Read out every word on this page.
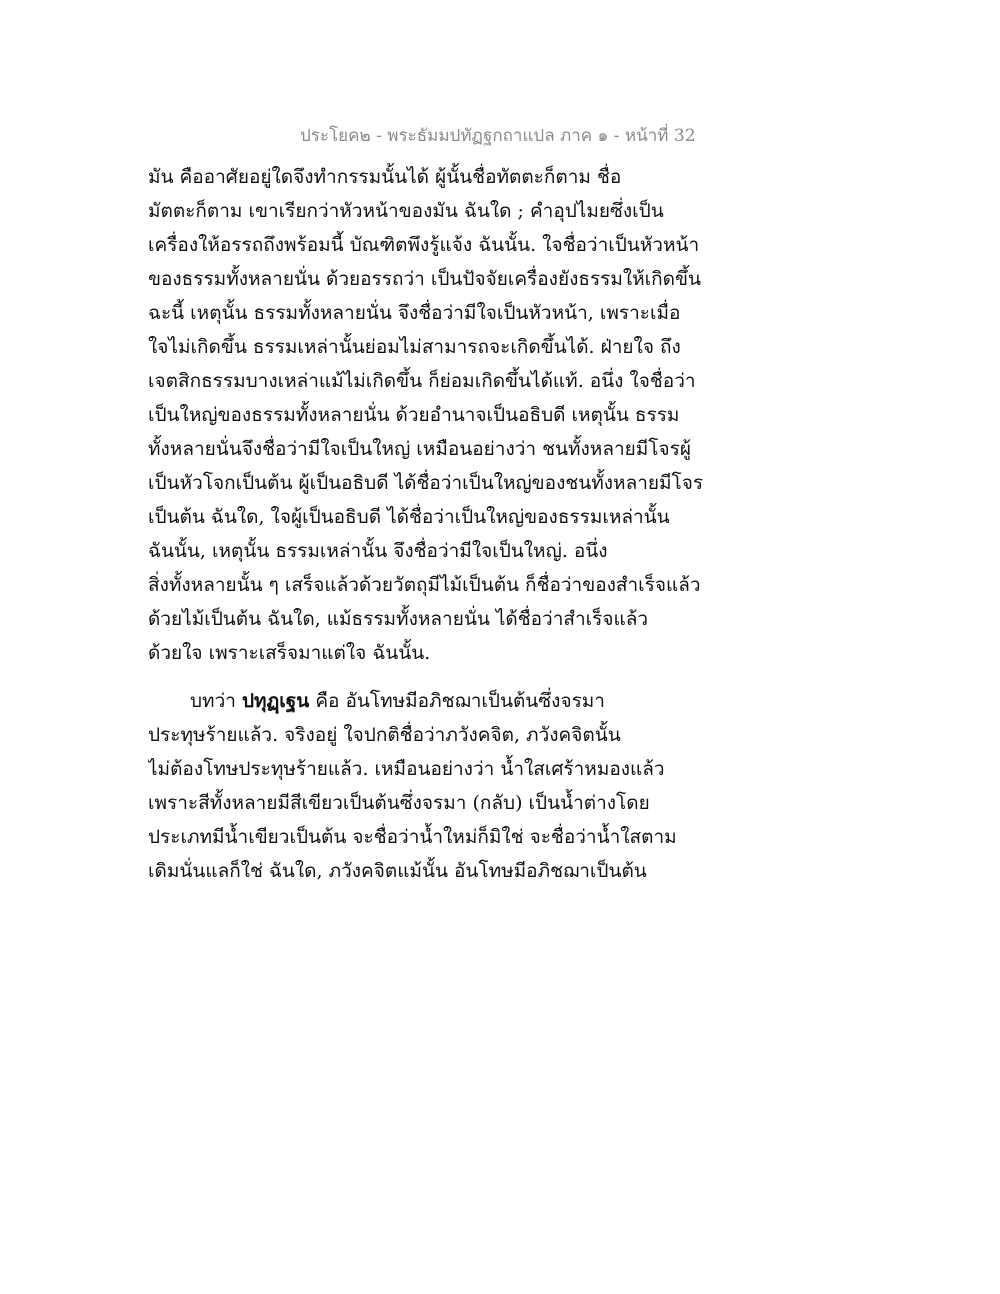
ประโยค๒ - พระธัมมปทัฏฐกถาแปล ภาค ๑ - หน้าที่ 32
มัน คืออาศัยอยู่ใดจึงทำกรรมนั้นได้ ผู้นั้นชื่อทัตตะก็ตาม ชื่อ
มัตตะก็ตาม เขาเรียกว่าหัวหน้าของมัน ฉันใด ; คำอุปไมยซึ่งเป็น
เครื่องให้อรรถถึงพร้อมนี้ บัณฑิตพึงรู้แจ้ง ฉันนั้น. ใจชื่อว่าเป็นหัวหน้า
ของธรรมทั้งหลายนั่น ด้วยอรรถว่า เป็นปัจจัยเครื่องยังธรรมให้เกิดขึ้น
ฉะนี้ เหตุนั้น ธรรมทั้งหลายนั่น จึงชื่อว่ามีใจเป็นหัวหน้า, เพราะเมื่อ
ใจไม่เกิดขึ้น ธรรมเหล่านั้นย่อมไม่สามารถจะเกิดขึ้นได้. ฝ่ายใจ ถึง
เจตสิกธรรมบางเหล่าแม้ไม่เกิดขึ้น ก็ย่อมเกิดขึ้นได้แท้. อนึ่ง ใจชื่อว่า
เป็นใหญ่ของธรรมทั้งหลายนั่น ด้วยอำนาจเป็นอธิบดี เหตุนั้น ธรรม
ทั้งหลายนั่นจึงชื่อว่ามีใจเป็นใหญ่ เหมือนอย่างว่า ชนทั้งหลายมีโจรผู้
เป็นหัวโจกเป็นต้น ผู้เป็นอธิบดี ได้ชื่อว่าเป็นใหญ่ของชนทั้งหลายมีโจร
เป็นต้น ฉันใด, ใจผู้เป็นอธิบดี ได้ชื่อว่าเป็นใหญ่ของธรรมเหล่านั้น
ฉันนั้น, เหตุนั้น ธรรมเหล่านั้น จึงชื่อว่ามีใจเป็นใหญ่. อนึ่ง
สิ่งทั้งหลายนั้น ๆ เสร็จแล้วด้วยวัตถุมีไม้เป็นต้น ก็ชื่อว่าของสำเร็จแล้ว
ด้วยไม้เป็นต้น ฉันใด, แม้ธรรมทั้งหลายนั่น ได้ชื่อว่าสำเร็จแล้ว
ด้วยใจ เพราะเสร็จมาแต่ใจ ฉันนั้น.
บทว่า ปทุฏฺเฐน คือ อันโทษมีอภิชฌาเป็นต้นซึ่งจรมา
ประทุษร้ายแล้ว. จริงอยู่ ใจปกติชื่อว่าภวังคจิต, ภวังคจิตนั้น
ไม่ต้องโทษประทุษร้ายแล้ว. เหมือนอย่างว่า น้ำใสเศร้าหมองแล้ว
เพราะสีทั้งหลายมีสีเขียวเป็นต้นซึ่งจรมา (กลับ) เป็นน้ำต่างโดย
ประเภทมีน้ำเขียวเป็นต้น จะชื่อว่าน้ำใหม่ก็มิใช่ จะชื่อว่าน้ำใสตาม
เดิมนั่นแลก็ใช่ ฉันใด, ภวังคจิตแม้นั้น อันโทษมีอภิชฌาเป็นต้น
